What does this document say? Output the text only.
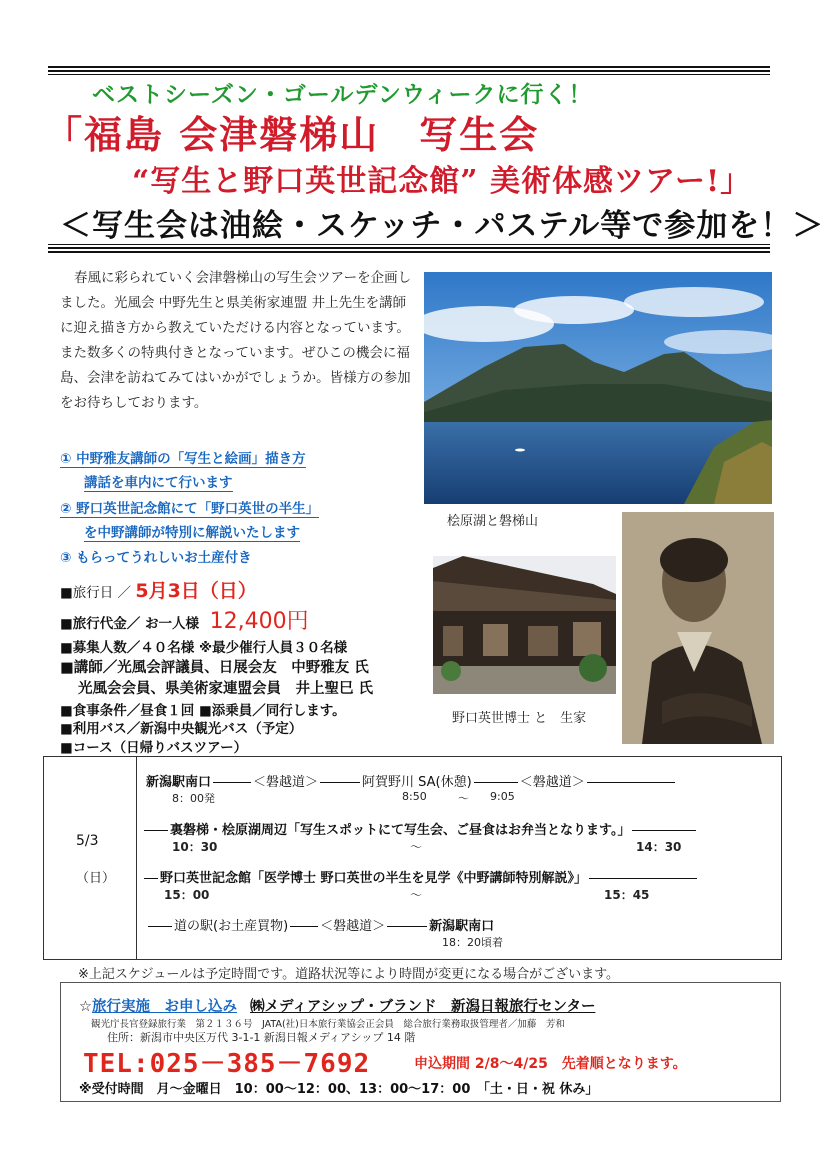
ベストシーズン・ゴールデンウィークに行く！
「福島 会津磐梯山　写生会
“写生と野口英世記念館” 美術体感ツアー!」
＜写生会は油絵・スケッチ・パステル等で参加を！＞

春風に彩られていく会津磐梯山の写生会ツアーを企画しました。光風会 中野先生と県美術家連盟 井上先生を講師に迎え描き方から教えていただける内容となっています。また数多くの特典付きとなっています。ぜひこの機会に福島、会津を訪ねてみてはいかがでしょうか。皆様方の参加をお待ちしております。

① 中野雅友講師の「写生と絵画」描き方
講話を車内にて行います
② 野口英世記念館にて「野口英世の半生」
を中野講師が特別に解説いたします
③ もらってうれしいお土産付き
■旅行日 ／ 5月3日（日）
■旅行代金／ お一人様 12,400円
■募集人数／４０名様 ※最少催行人員３０名様
■講師／光風会評議員、日展会友　中野雅友 氏
光風会会員、県美術家連盟会員　井上聖巳 氏
■食事条件／昼食１回 ■添乗員／同行します。
■利用バス／新潟中央観光バス（予定）
■コース（日帰りバスツアー）
桧原湖と磐梯山
野口英世博士 と　生家
5/3
（日）
新潟駅南口	＜磐越道＞	阿賀野川 SA(休憩)	＜磐越道＞
8：00発	8:50	～ 9:05
裏磐梯・桧原湖周辺「写生スポットにて写生会、ご昼食はお弁当となります。」
10：30	～	14：30
野口英世記念館「医学博士 野口英世の半生を見学《中野講師特別解説》」
15：00	～	15：45
道の駅(お土産買物) ＜磐越道＞	新潟駅南口
18：20頃着
※上記スケジュールは予定時間です。道路状況等により時間が変更になる場合がございます。
☆旅行実施　お申し込み ㈱メディアシップ・ブランド　新潟日報旅行センター
観光庁長官登録旅行業　第２１３６号　JATA(社)日本旅行業協会正会員　総合旅行業務取扱管理者／加藤　芳和
住所：新潟市中央区万代 3-1-1 新潟日報メディアシップ 14 階
TEL:025－385－7692	申込期間 2/8～4/25　先着順となります。
※受付時間　月～金曜日　10：00～12：00、13：00～17：00　「土・日・祝 休み」
